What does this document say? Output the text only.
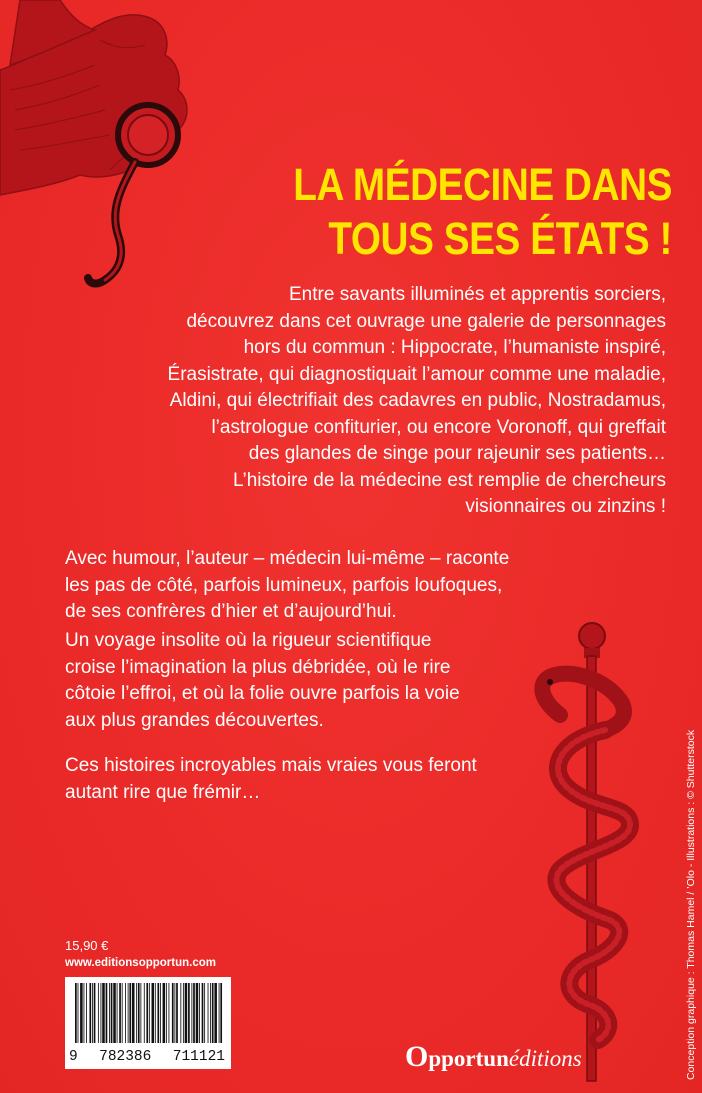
LA MÉDECINE DANS
TOUS SES ÉTATS !
Entre savants illuminés et apprentis sorciers,
découvrez dans cet ouvrage une galerie de personnages
hors du commun : Hippocrate, l’humaniste inspiré,
Érasistrate, qui diagnostiquait l’amour comme une maladie,
Aldini, qui électrifiait des cadavres en public, Nostradamus,
l’astrologue confiturier, ou encore Voronoff, qui greffait
des glandes de singe pour rajeunir ses patients…
L’histoire de la médecine est remplie de chercheurs
visionnaires ou zinzins !
Avec humour, l’auteur – médecin lui-même – raconte
les pas de côté, parfois lumineux, parfois loufoques,
de ses confrères d’hier et d’aujourd’hui.
Un voyage insolite où la rigueur scientifique
croise l’imagination la plus débridée, où le rire
côtoie l’effroi, et où la folie ouvre parfois la voie
aux plus grandes découvertes.
Ces histoires incroyables mais vraies vous feront
autant rire que frémir…
15,90 €
www.editionsopportun.com
9 782386 711121	Opportunéditions	Conception graphique : Thomas Hamel / ’Olo - Illustrations : © Shutterstock
